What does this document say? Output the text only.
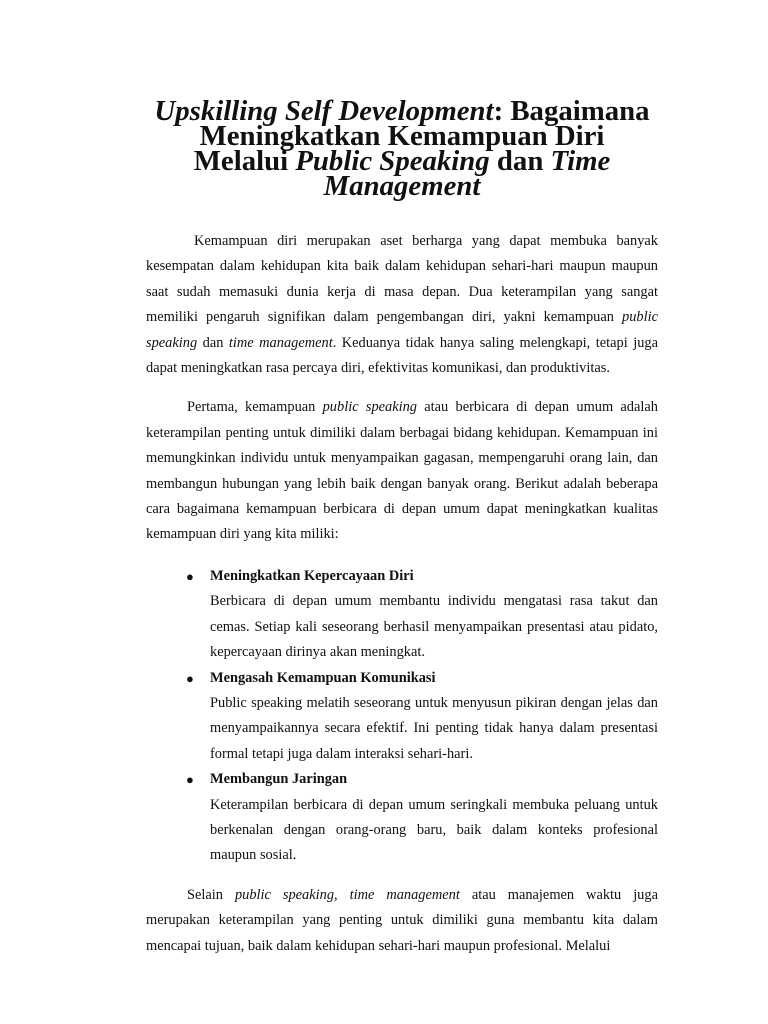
Upskilling Self Development: Bagaimana Meningkatkan Kemampuan Diri
Melalui Public Speaking dan Time Management

Kemampuan diri merupakan aset berharga yang dapat membuka banyak kesempatan dalam kehidupan kita baik dalam kehidupan sehari-hari maupun maupun saat sudah memasuki dunia kerja di masa depan. Dua keterampilan yang sangat memiliki pengaruh signifikan dalam pengembangan diri, yakni kemampuan public speaking dan time management. Keduanya tidak hanya saling melengkapi, tetapi juga dapat meningkatkan rasa percaya diri, efektivitas komunikasi, dan produktivitas.

Pertama, kemampuan public speaking atau berbicara di depan umum adalah keterampilan penting untuk dimiliki dalam berbagai bidang kehidupan. Kemampuan ini memungkinkan individu untuk menyampaikan gagasan, mempengaruhi orang lain, dan membangun hubungan yang lebih baik dengan banyak orang. Berikut adalah beberapa cara bagaimana kemampuan berbicara di depan umum dapat meningkatkan kualitas kemampuan diri yang kita miliki:

● Meningkatkan Kepercayaan Diri

Berbicara di depan umum membantu individu mengatasi rasa takut dan cemas. Setiap kali seseorang berhasil menyampaikan presentasi atau pidato, kepercayaan dirinya akan meningkat.

● Mengasah Kemampuan Komunikasi

Public speaking melatih seseorang untuk menyusun pikiran dengan jelas dan menyampaikannya secara efektif. Ini penting tidak hanya dalam presentasi formal tetapi juga dalam interaksi sehari-hari.

● Membangun Jaringan

Keterampilan berbicara di depan umum seringkali membuka peluang untuk berkenalan dengan orang-orang baru, baik dalam konteks profesional maupun sosial.

Selain public speaking, time management atau manajemen waktu juga merupakan keterampilan yang penting untuk dimiliki guna membantu kita dalam mencapai tujuan, baik dalam kehidupan sehari-hari maupun profesional. Melalui
